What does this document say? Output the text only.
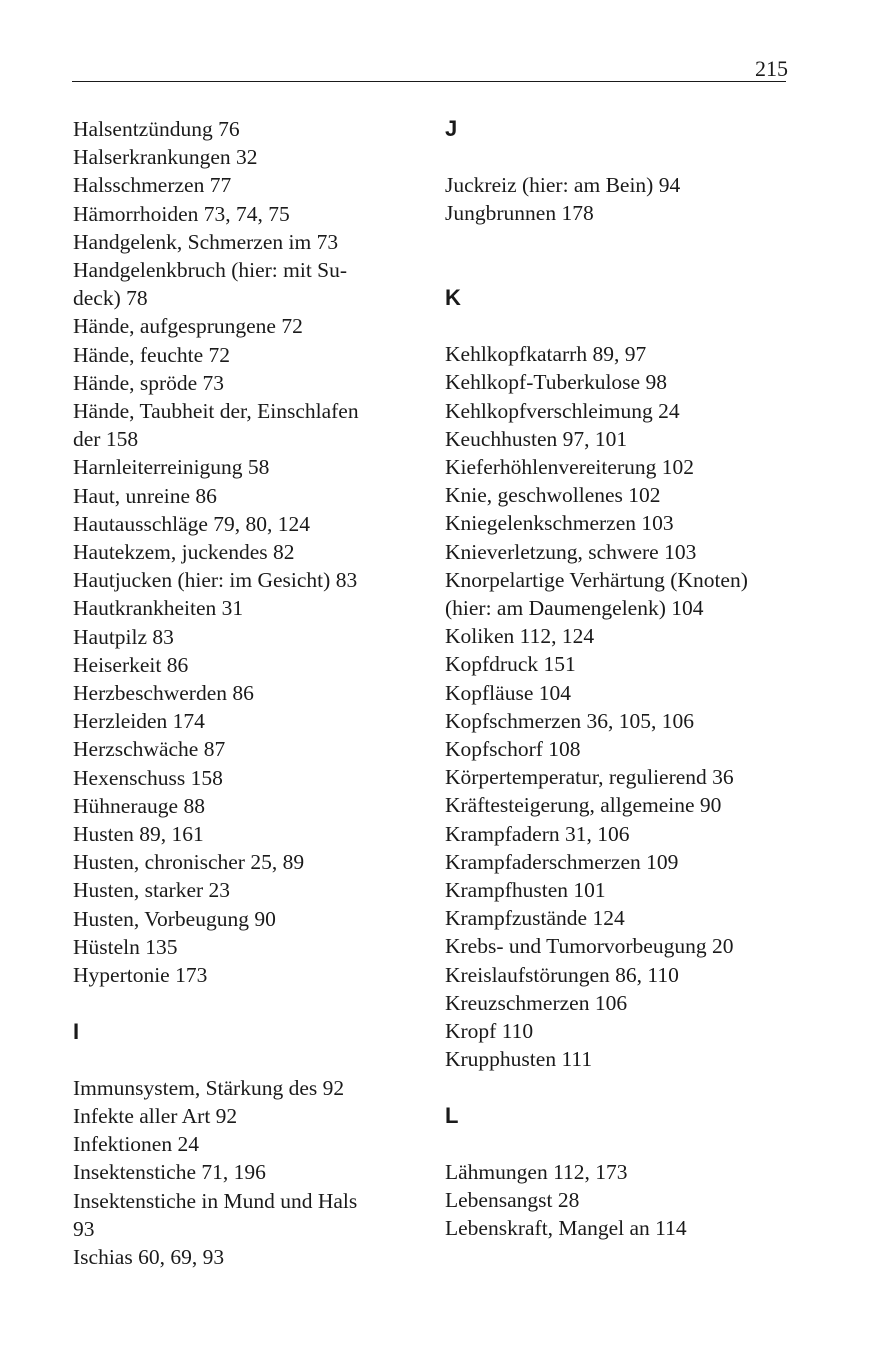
215
Halsentzündung 76
Halserkrankungen 32
Halsschmerzen 77
Hämorrhoiden 73, 74, 75
Handgelenk, Schmerzen im 73
Handgelenkbruch (hier: mit Su-
deck) 78
Hände, aufgesprungene 72
Hände, feuchte 72
Hände, spröde 73
Hände, Taubheit der, Einschlafen
der 158
Harnleiterreinigung 58
Haut, unreine 86
Hautausschläge 79, 80, 124
Hautekzem, juckendes 82
Hautjucken (hier: im Gesicht) 83
Hautkrankheiten 31
Hautpilz 83
Heiserkeit 86
Herzbeschwerden 86
Herzleiden 174
Herzschwäche 87
Hexenschuss 158
Hühnerauge 88
Husten 89, 161
Husten, chronischer 25, 89
Husten, starker 23
Husten, Vorbeugung 90
Hüsteln 135
Hypertonie 173

I

Immunsystem, Stärkung des 92
Infekte aller Art 92
Infektionen 24
Insektenstiche 71, 196
Insektenstiche in Mund und Hals
93
Ischias 60, 69, 93
J

Juckreiz (hier: am Bein) 94
Jungbrunnen 178

K

Kehlkopfkatarrh 89, 97
Kehlkopf-Tuberkulose 98
Kehlkopfverschleimung 24
Keuchhusten 97, 101
Kieferhöhlenvereiterung 102
Knie, geschwollenes 102
Kniegelenkschmerzen 103
Knieverletzung, schwere 103
Knorpelartige Verhärtung (Knoten)
(hier: am Daumengelenk) 104
Koliken 112, 124
Kopfdruck 151
Kopfläuse 104
Kopfschmerzen 36, 105, 106
Kopfschorf 108
Körpertemperatur, regulierend 36
Kräftesteigerung, allgemeine 90
Krampfadern 31, 106
Krampfaderschmerzen 109
Krampfhusten 101
Krampfzustände 124
Krebs- und Tumorvorbeugung 20
Kreislaufstörungen 86, 110
Kreuzschmerzen 106
Kropf 110
Krupphusten 111

L

Lähmungen 112, 173
Lebensangst 28
Lebenskraft, Mangel an 114
